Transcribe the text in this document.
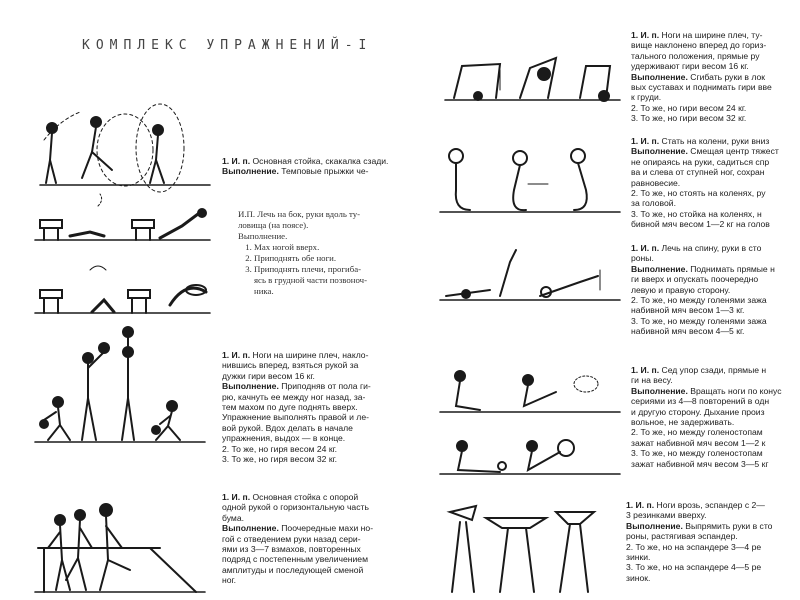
КОМПЛЕКС УПРАЖНЕНИЙ-I

1. И. п. Основная стойка, скакалка сзади.

Выполнение. Темповые прыжки че-

И.П. Лечь на бок, руки вдоль ту-

ловища (на поясе).

Выполнение.

1. Мах ногой вверх.
2. Приподнять обе ноги.
3. Приподнять плечи, прогиба-

ясь в грудной части позвоноч-

ника.

1. И. п. Ноги на ширине плеч, накло-

нившись вперед, взяться рукой за

дужки гири весом 16 кг.

Выполнение. Приподняв от пола ги-

рю, качнуть ее между ног назад, за-

тем махом по дуге поднять вверх.

Упражнение выполнять правой и ле-

вой рукой. Вдох делать в начале

упражнения, выдох — в конце.

2. То же, но гиря весом 24 кг.

3. То же, но гиря весом 32 кг.

1. И. п. Основная стойка с опорой

одной рукой о горизонтальную часть

бума.

Выполнение. Поочередные махи но-

гой с отведением руки назад сери-

ями из 3—7 взмахов, повторенных

подряд с постепенным увеличением

амплитуды и последующей сменой

ног.

1. И. п. Ноги на ширине плеч, ту-

вище наклонено вперед до гориз-

тального положения, прямые ру

удерживают гири весом 16 кг.

Выполнение. Сгибать руки в лок

вых суставах и поднимать гири вве

к груди.

2. То же, но гири весом 24 кг.

3. То же, но гири весом 32 кг.

1. И. п. Стать на колени, руки вниз

Выполнение. Смещая центр тяжест

не опираясь на руки, садиться спр

ва и слева от ступней ног, сохран

равновесие.

2. То же, но стоять на коленях, ру

за головой.

3. То же, но стойка на коленях, н

бивной мяч весом 1—2 кг на голов

1. И. п. Лечь на спину, руки в сто

роны.

Выполнение. Поднимать прямые н

ги вверх и опускать поочередно

левую и правую сторону.

2. То же, но между голенями зажа

набивной мяч весом 1—3 кг.

3. То же, но между голенями зажа

набивной мяч весом 4—5 кг.

1. И. п. Сед упор сзади, прямые н

ги на весу.

Выполнение. Вращать ноги по конус

сериями из 4—8 повторений в одн

и другую сторону. Дыхание произ

вольное, не задерживать.

2. То же, но между голеностопам

зажат набивной мяч весом 1—2 к

3. То же, но между голеностопам

зажат набивной мяч весом 3—5 кг

1. И. п. Ноги врозь, эспандер с 2—

3 резинками вверху.

Выполнение. Выпрямить руки в сто

роны, растягивая эспандер.

2. То же, но на эспандере 3—4 ре

зинки.

3. То же, но на эспандере 4—5 ре

зинок.
